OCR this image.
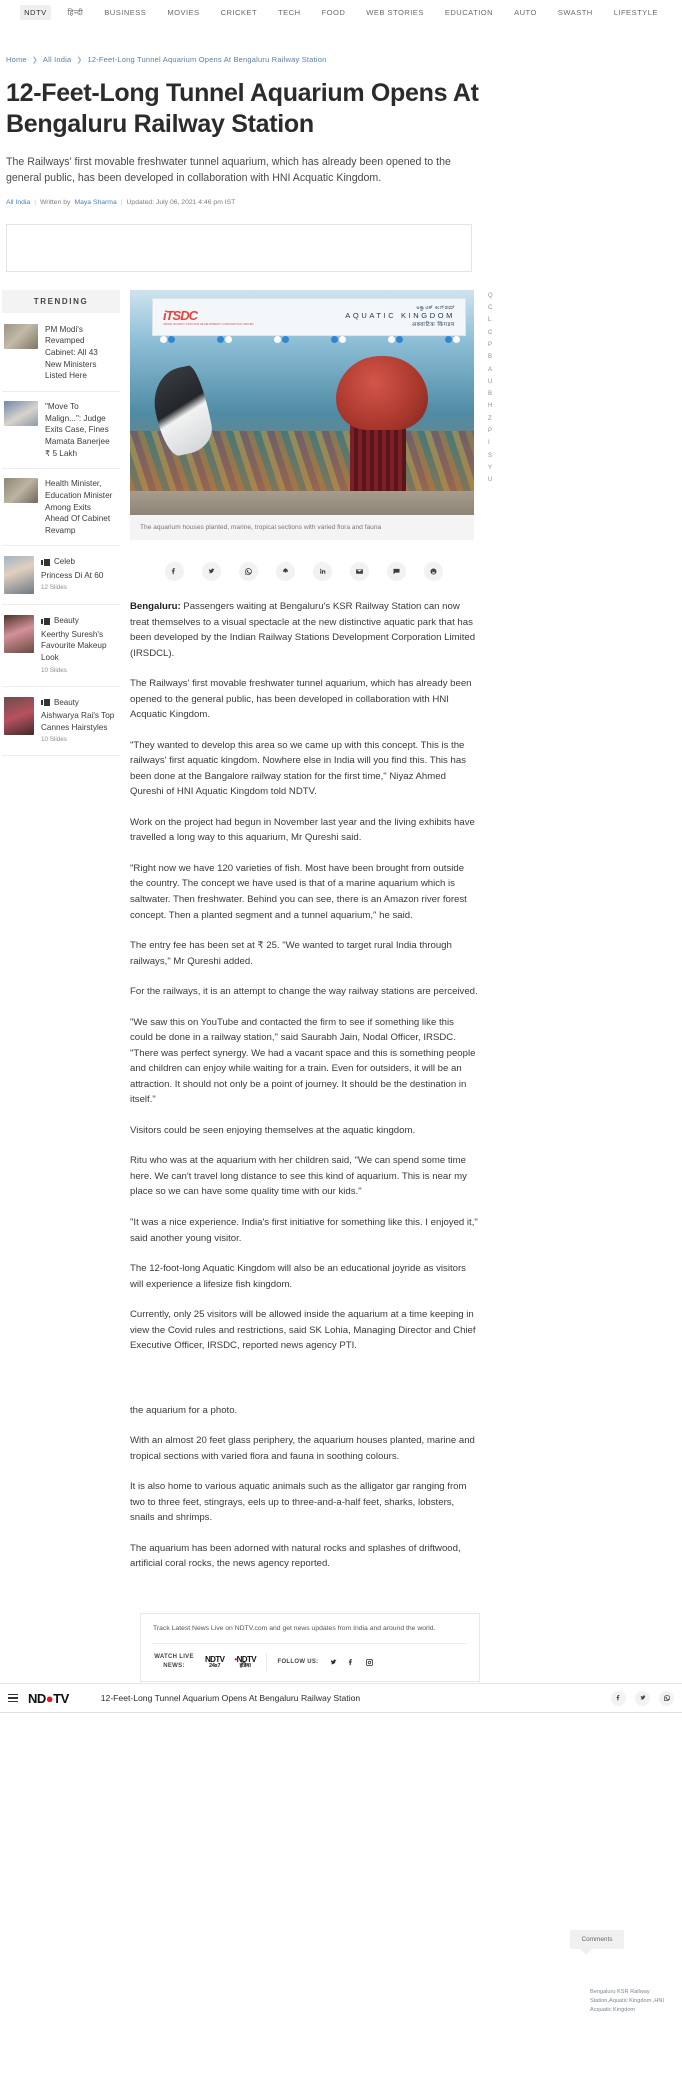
NDTV	हिन्दी	BUSINESS	MOVIES	CRICKET	TECH	FOOD	WEB STORIES	EDUCATION	AUTO	SWASTH	LIFESTYLE
Home ❯ All India ❯ 12-Feet-Long Tunnel Aquarium Opens At Bengaluru Railway Station
12-Feet-Long Tunnel Aquarium Opens At Bengaluru Railway Station
The Railways' first movable freshwater tunnel aquarium, which has already been opened to the general public, has been developed in collaboration with HNI Acquatic Kingdom.
All India | Written by Maya Sharma | Updated: July 06, 2021 4:46 pm IST
TRENDING
PM Modi's Revamped Cabinet: All 43 New Ministers Listed Here
"Move To Malign...": Judge Exits Case, Fines Mamata Banerjee ₹ 5 Lakh
Health Minister, Education Minister Among Exits Ahead Of Cabinet Revamp
Celeb
Princess Di At 60
12 Slides
Beauty
Keerthy Suresh's Favourite Makeup Look
10 Slides
Beauty
Aishwarya Rai's Top Cannes Hairstyles
10 Slides
iTSDC
INDIAN RAILWAY STATIONS DEVELOPMENT CORPORATION LIMITED
ಅಕ್ವಾಟಿಕ್ ಕಿಂಗ್‌ಡಮ್
AQUATIC KINGDOM
अक्वाटिक किंगडम
The aquarium houses planted, marine, tropical sections with varied flora and fauna

Bengaluru: Passengers waiting at Bengaluru's KSR Railway Station can now treat themselves to a visual spectacle at the new distinctive aquatic park that has been developed by the Indian Railway Stations Development Corporation Limited (IRSDCL).

The Railways' first movable freshwater tunnel aquarium, which has already been opened to the general public, has been developed in collaboration with HNI Acquatic Kingdom.

"They wanted to develop this area so we came up with this concept. This is the railways' first aquatic kingdom. Nowhere else in India will you find this. This has been done at the Bangalore railway station for the first time," Niyaz Ahmed Qureshi of HNI Aquatic Kingdom told NDTV.

Work on the project had begun in November last year and the living exhibits have travelled a long way to this aquarium, Mr Qureshi said.

"Right now we have 120 varieties of fish. Most have been brought from outside the country. The concept we have used is that of a marine aquarium which is saltwater. Then freshwater. Behind you can see, there is an Amazon river forest concept. Then a planted segment and a tunnel aquarium," he said.

The entry fee has been set at ₹ 25. "We wanted to target rural India through railways," Mr Qureshi added.

For the railways, it is an attempt to change the way railway stations are perceived.

"We saw this on YouTube and contacted the firm to see if something like this could be done in a railway station," said Saurabh Jain, Nodal Officer, IRSDC. "There was perfect synergy. We had a vacant space and this is something people and children can enjoy while waiting for a train. Even for outsiders, it will be an attraction. It should not only be a point of journey. It should be the destination in itself."

Visitors could be seen enjoying themselves at the aquatic kingdom.

Ritu who was at the aquarium with her children said, "We can spend some time here. We can't travel long distance to see this kind of aquarium. This is near my place so we can have some quality time with our kids."

"It was a nice experience. India's first initiative for something like this. I enjoyed it," said another young visitor.

The 12-foot-long Aquatic Kingdom will also be an educational joyride as visitors will experience a lifesize fish kingdom.

Currently, only 25 visitors will be allowed inside the aquarium at a time keeping in view the Covid rules and restrictions, said SK Lohia, Managing Director and Chief Executive Officer, IRSDC, reported news agency PTI.

the aquarium for a photo.

With an almost 20 feet glass periphery, the aquarium houses planted, marine and tropical sections with varied flora and fauna in soothing colours.

It is also home to various aquatic animals such as the alligator gar ranging from two to three feet, stingrays, eels up to three-and-a-half feet, sharks, lobsters, snails and shrimps.

The aquarium has been adorned with natural rocks and splashes of driftwood, artificial coral rocks, the news agency reported.

Q
C
L
C
P
B
A
U
B
H
Z
P
I
S
Y
U
ND●TV	12-Feet-Long Tunnel Aquarium Opens At Bengaluru Railway Station
Comments
Track Latest News Live on NDTV.com and get news updates from India and around the world.
WATCH LIVE NEWS:
NDTV
24x7
•NDTV
इंडिया
FOLLOW US:
Bengaluru KSR Railway Station,Aquatic Kingdom ,HNI Acquatic Kingdom
